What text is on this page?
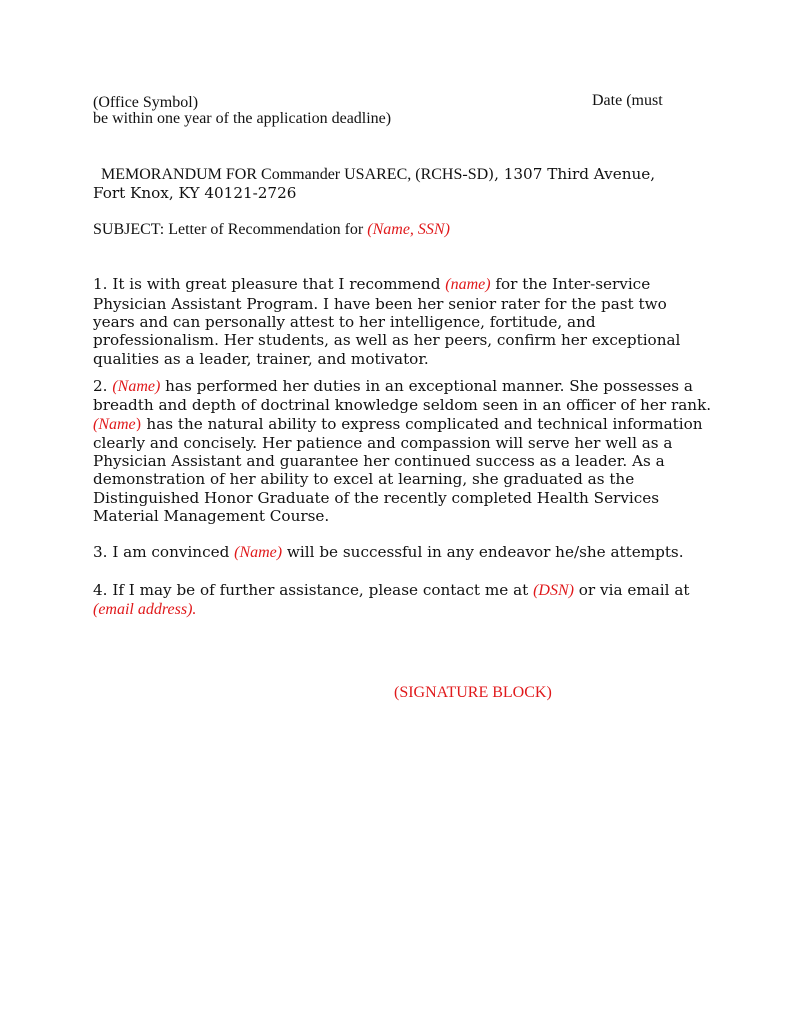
(Office Symbol)	Date (must
be within one year of the application deadline)
MEMORANDUM FOR Commander USAREC, (RCHS-SD), 1307 Third Avenue,
Fort Knox, KY 40121-2726
SUBJECT: Letter of Recommendation for (Name, SSN)
1. It is with great pleasure that I recommend (name) for the Inter-service
Physician Assistant Program. I have been her senior rater for the past two
years and can personally attest to her intelligence, fortitude, and
professionalism. Her students, as well as her peers, confirm her exceptional
qualities as a leader, trainer, and motivator.
2. (Name) has performed her duties in an exceptional manner. She possesses a
breadth and depth of doctrinal knowledge seldom seen in an officer of her rank.
(Name) has the natural ability to express complicated and technical information
clearly and concisely. Her patience and compassion will serve her well as a
Physician Assistant and guarantee her continued success as a leader. As a
demonstration of her ability to excel at learning, she graduated as the
Distinguished Honor Graduate of the recently completed Health Services
Material Management Course.
3. I am convinced (Name) will be successful in any endeavor he/she attempts.
4. If I may be of further assistance, please contact me at (DSN) or via email at
(email address).
(SIGNATURE BLOCK)
